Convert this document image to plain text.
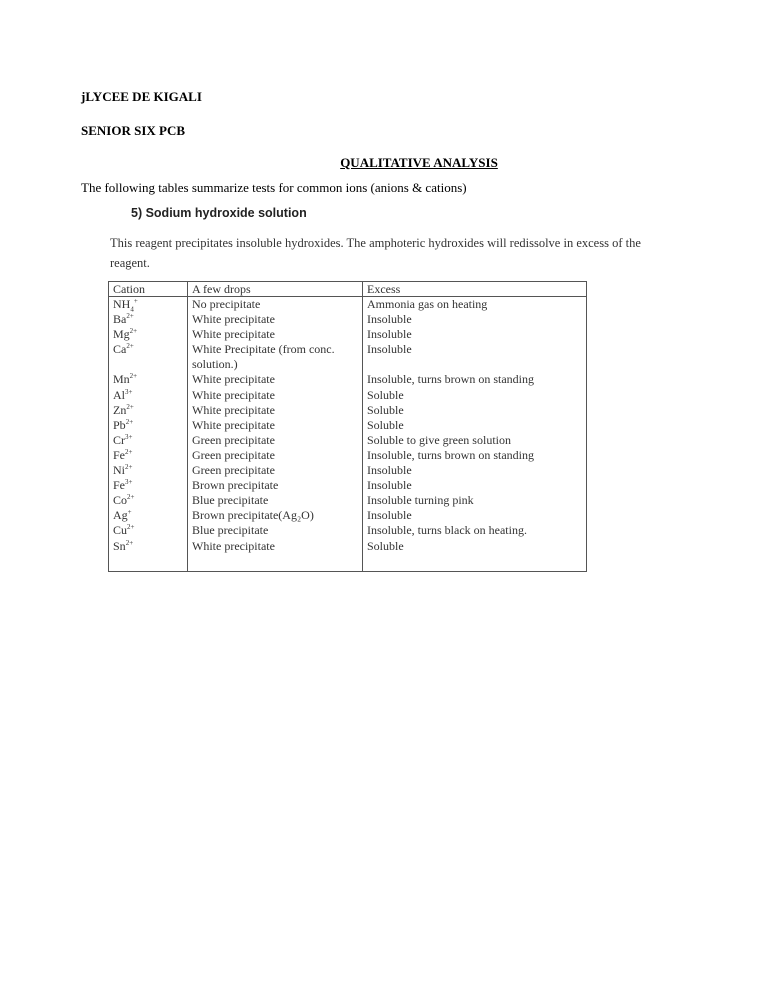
jLYCEE DE KIGALI
SENIOR SIX PCB
QUALITATIVE ANALYSIS
The following tables summarize tests for common ions (anions & cations)
5) Sodium hydroxide solution
This reagent precipitates insoluble hydroxides. The amphoteric hydroxides will redissolve in excess of the reagent.
Cation
$NH_4^+$
$Ba^{2+}$
$Mg^{2+}$
$Ca^{2+}$
$Mn^{2+}$
$Al^{3+}$
$Zn^{2+}$
$Pb^{2+}$
$Cr^{3+}$
$Fe^{2+}$
$Ni^{2+}$
$Fe^{3+}$
$Co^{2+}$
Ag+
$Cu^{2+}$
$Sn^{2+}$
A few drops
No precipitate
White precipitate
White precipitate
White Precipitate (from conc. solution.)
White precipitate
White precipitate
White precipitate
White precipitate
Green precipitate
Green precipitate
Green precipitate
Brown precipitate
Blue precipitate
Brown precipitate(Ag₂O)
Blue precipitate
White precipitate
Excess
Ammonia gas on heating
Insoluble
Insoluble
Insoluble
Insoluble, turns brown on standing
Soluble
Soluble
Soluble
Soluble to give green solution
Insoluble, turns brown on standing
Insoluble
Insoluble
Insoluble turning pink
Insoluble
Insoluble, turns black on heating.
Soluble
